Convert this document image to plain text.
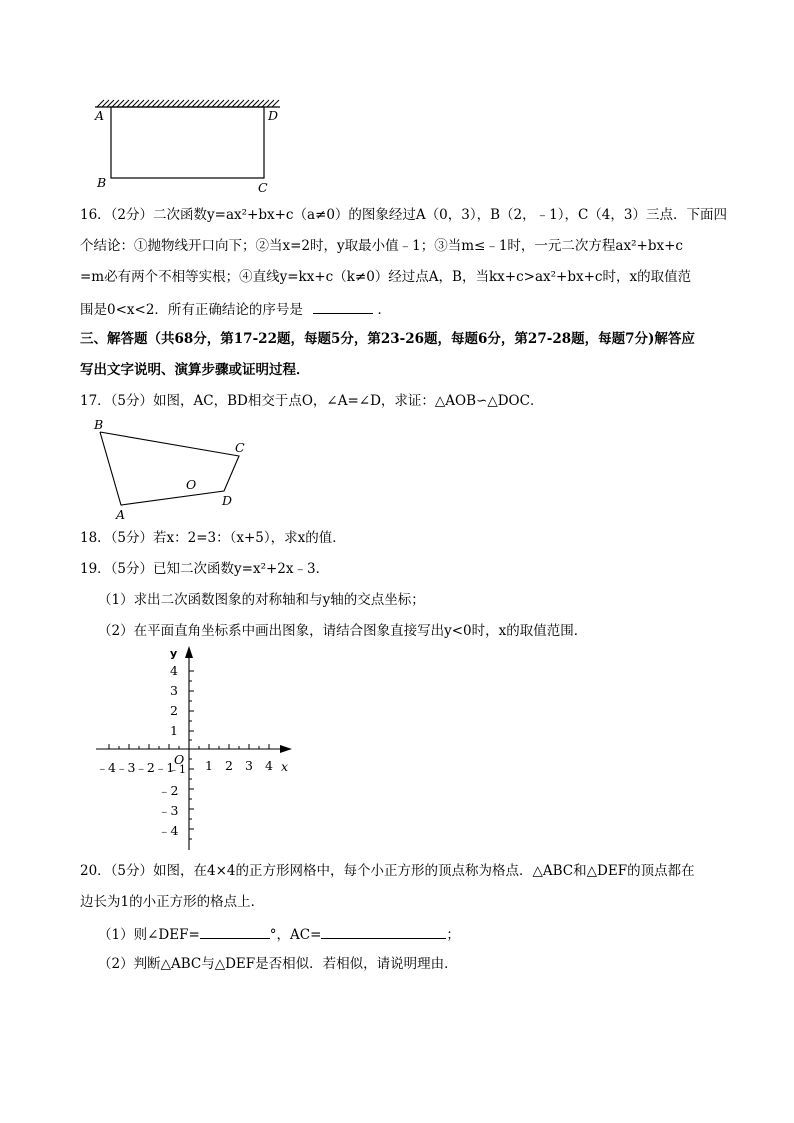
A	D
B	C
16．（2分）二次函数y=ax²+bx+c（a≠0）的图象经过A（0，3），B（2，﹣1），C（4，3）三点．下面四
个结论：①抛物线开口向下；②当x=2时，y取最小值﹣1；③当m≤﹣1时，一元二次方程ax²+bx+c
=m必有两个不相等实根；④直线y=kx+c（k≠0）经过点A，B，当kx+c>ax²+bx+c时，x的取值范
围是0<x<2．所有正确结论的序号是	．
三、解答题（共68分，第17-22题，每题5分，第23-26题，每题6分，第27-28题，每题7分)解答应
写出文字说明、演算步骤或证明过程．
17．（5分）如图，AC，BD相交于点O，∠A=∠D，求证：△AOB∽△DOC．
B
C
O
D
A
18．（5分）若x：2=3：（x+5），求x的值．
19．（5分）已知二次函数y=x²+2x﹣3．
（1）求出二次函数图象的对称轴和与y轴的交点坐标；
（2）在平面直角坐标系中画出图象，请结合图象直接写出y<0时，x的取值范围．
y
x
O
4
3
2
1
﹣1
﹣2
﹣3
﹣4
﹣4﹣3﹣2﹣1 1 2 3 4
20．（5分）如图，在4×4的正方形网格中，每个小正方形的顶点称为格点．△ABC和△DEF的顶点都在
边长为1的小正方形的格点上．
（1）则∠DEF=	°，AC=	；
（2）判断△ABC与△DEF是否相似．若相似，请说明理由．
